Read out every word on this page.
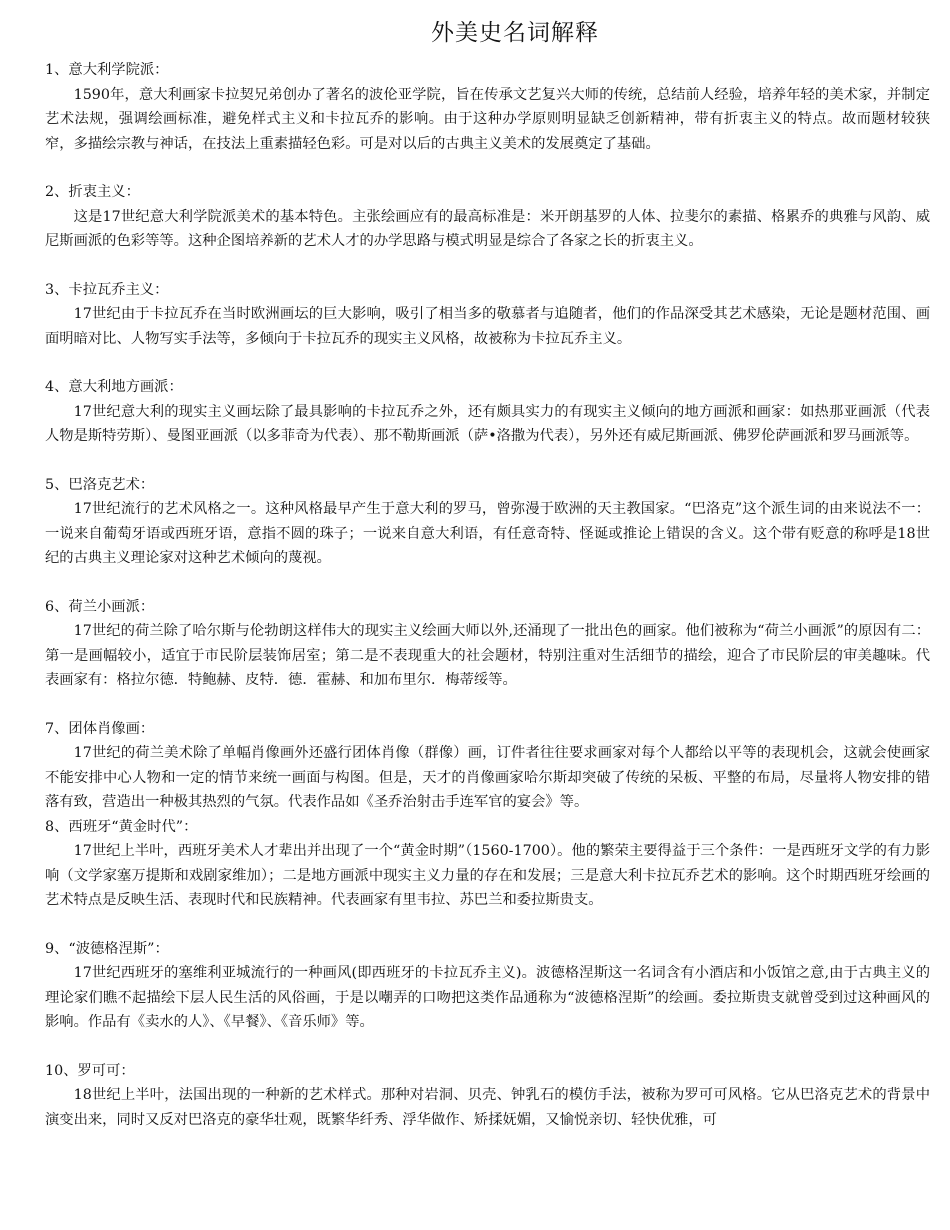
外美史名词解释

1、意大利学院派：

1590年，意大利画家卡拉契兄弟创办了著名的波伦亚学院，旨在传承文艺复兴大师的传统，总结前人经验，培养年轻的美术家，并制定艺术法规，强调绘画标准，避免样式主义和卡拉瓦乔的影响。由于这种办学原则明显缺乏创新精神，带有折衷主义的特点。故而题材较狭窄，多描绘宗教与神话，在技法上重素描轻色彩。可是对以后的古典主义美术的发展奠定了基础。

2、折衷主义：

这是17世纪意大利学院派美术的基本特色。主张绘画应有的最高标准是：米开朗基罗的人体、拉斐尔的素描、格累乔的典雅与风韵、威尼斯画派的色彩等等。这种企图培养新的艺术人才的办学思路与模式明显是综合了各家之长的折衷主义。

3、卡拉瓦乔主义：

17世纪由于卡拉瓦乔在当时欧洲画坛的巨大影响，吸引了相当多的敬慕者与追随者，他们的作品深受其艺术感染，无论是题材范围、画面明暗对比、人物写实手法等，多倾向于卡拉瓦乔的现实主义风格，故被称为卡拉瓦乔主义。

4、意大利地方画派：

17世纪意大利的现实主义画坛除了最具影响的卡拉瓦乔之外，还有颇具实力的有现实主义倾向的地方画派和画家：如热那亚画派（代表人物是斯特劳斯）、曼图亚画派（以多菲奇为代表）、那不勒斯画派（萨•洛撒为代表），另外还有威尼斯画派、佛罗伦萨画派和罗马画派等。

5、巴洛克艺术：

17世纪流行的艺术风格之一。这种风格最早产生于意大利的罗马，曾弥漫于欧洲的天主教国家。“巴洛克”这个派生词的由来说法不一：一说来自葡萄牙语或西班牙语，意指不圆的珠子；一说来自意大利语，有任意奇特、怪诞或推论上错误的含义。这个带有贬意的称呼是18世纪的古典主义理论家对这种艺术倾向的蔑视。

6、荷兰小画派：

17世纪的荷兰除了哈尔斯与伦勃朗这样伟大的现实主义绘画大师以外,还涌现了一批出色的画家。他们被称为“荷兰小画派”的原因有二：第一是画幅较小，适宜于市民阶层装饰居室；第二是不表现重大的社会题材，特别注重对生活细节的描绘，迎合了市民阶层的审美趣味。代表画家有：格拉尔德．特鲍赫、皮特．德．霍赫、和加布里尔．梅蒂绥等。

7、团体肖像画：

17世纪的荷兰美术除了单幅肖像画外还盛行团体肖像（群像）画，订件者往往要求画家对每个人都给以平等的表现机会，这就会使画家不能安排中心人物和一定的情节来统一画面与构图。但是，天才的肖像画家哈尔斯却突破了传统的呆板、平整的布局，尽量将人物安排的错落有致，营造出一种极其热烈的气氛。代表作品如《圣乔治射击手连军官的宴会》等。

8、西班牙“黄金时代”：

17世纪上半叶，西班牙美术人才辈出并出现了一个“黄金时期”（1560-1700）。他的繁荣主要得益于三个条件：一是西班牙文学的有力影响（文学家塞万提斯和戏剧家维加）；二是地方画派中现实主义力量的存在和发展；三是意大利卡拉瓦乔艺术的影响。这个时期西班牙绘画的艺术特点是反映生活、表现时代和民族精神。代表画家有里韦拉、苏巴兰和委拉斯贵支。

9、“波德格涅斯”：

17世纪西班牙的塞维利亚城流行的一种画风(即西班牙的卡拉瓦乔主义)。波德格涅斯这一名词含有小酒店和小饭馆之意,由于古典主义的理论家们瞧不起描绘下层人民生活的风俗画，于是以嘲弄的口吻把这类作品通称为“波德格涅斯”的绘画。委拉斯贵支就曾受到过这种画风的影响。作品有《卖水的人》、《早餐》、《音乐师》等。

10、罗可可：

18世纪上半叶，法国出现的一种新的艺术样式。那种对岩洞、贝壳、钟乳石的模仿手法，被称为罗可可风格。它从巴洛克艺术的背景中演变出来，同时又反对巴洛克的豪华壮观，既繁华纤秀、浮华做作、矫揉妩媚，又愉悦亲切、轻快优雅，可
